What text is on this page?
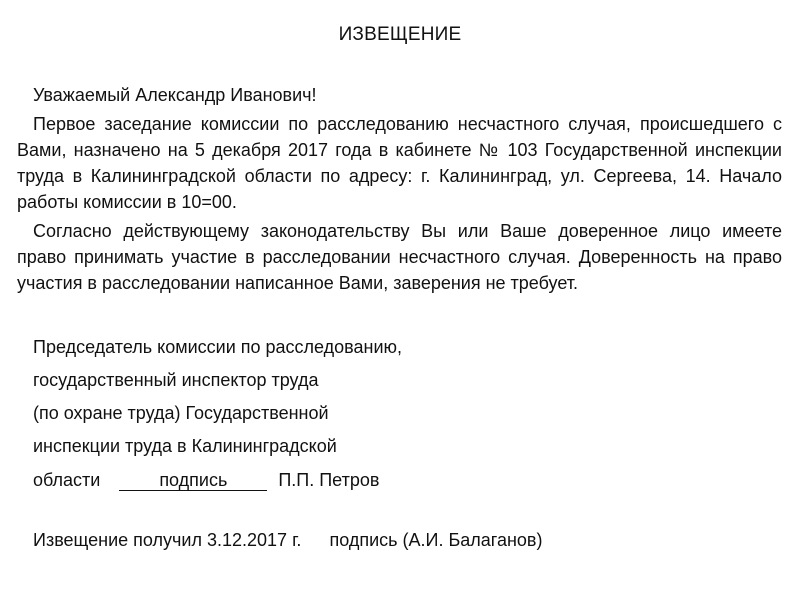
ИЗВЕЩЕНИЕ
Уважаемый Александр Иванович!
Первое заседание комиссии по расследованию несчастного случая, происшедшего с Вами, назначено на 5 декабря 2017 года в кабинете № 103 Государственной инспекции труда в Калининградской области по адресу: г. Калининград, ул. Сергеева, 14. Начало работы комиссии в 10=00.
Согласно действующему законодательству Вы или Ваше доверенное лицо имеете право принимать участие в расследовании несчастного случая. Доверенность на право участия в расследовании написанное Вами, заверения не требует.
Председатель комиссии по расследованию,
государственный инспектор труда
(по охране труда) Государственной
инспекции труда в Калининградской
области	подпись	П.П. Петров
Извещение получил 3.12.2017 г. подпись (А.И. Балаганов)
